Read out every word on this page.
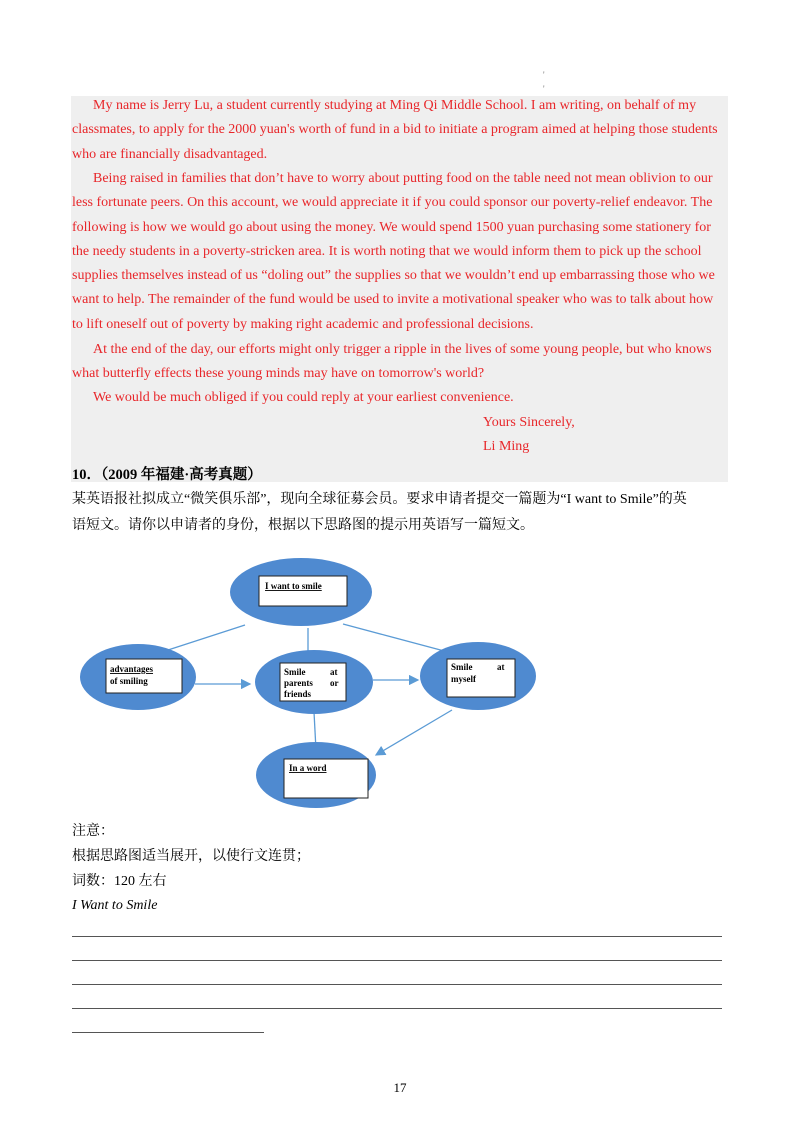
'
'
My name is Jerry Lu, a student currently studying at Ming Qi Middle School. I am writing, on behalf of my
classmates, to apply for the 2000 yuan's worth of fund in a bid to initiate a program aimed at helping those students
who are financially disadvantaged.
Being raised in families that don’t have to worry about putting food on the table need not mean oblivion to our
less fortunate peers. On this account, we would appreciate it if you could sponsor our poverty-relief endeavor. The
following is how we would go about using the money. We would spend 1500 yuan purchasing some stationery for
the needy students in a poverty-stricken area. It is worth noting that we would inform them to pick up the school
supplies themselves instead of us “doling out” the supplies so that we wouldn’t end up embarrassing those who we
want to help. The remainder of the fund would be used to invite a motivational speaker who was to talk about how
to lift oneself out of poverty by making right academic and professional decisions.
At the end of the day, our efforts might only trigger a ripple in the lives of some young people, but who knows
what butterfly effects these young minds may have on tomorrow's world?
We would be much obliged if you could reply at your earliest convenience.
Yours Sincerely,
Li Ming
10．（2009 年福建·高考真题）
某英语报社拟成立“微笑俱乐部”，现向全球征募会员。要求申请者提交一篇题为“I want to Smile”的英
语短文。请你以申请者的身份，根据以下思路图的提示用英语写一篇短文。
I want to smile
advantages
of smiling
Smile	at
parents or
friends
Smile	at
myself
In a word
注意：
根据思路图适当展开，以使行文连贯；
词数：120 左右
I Want to Smile
17
